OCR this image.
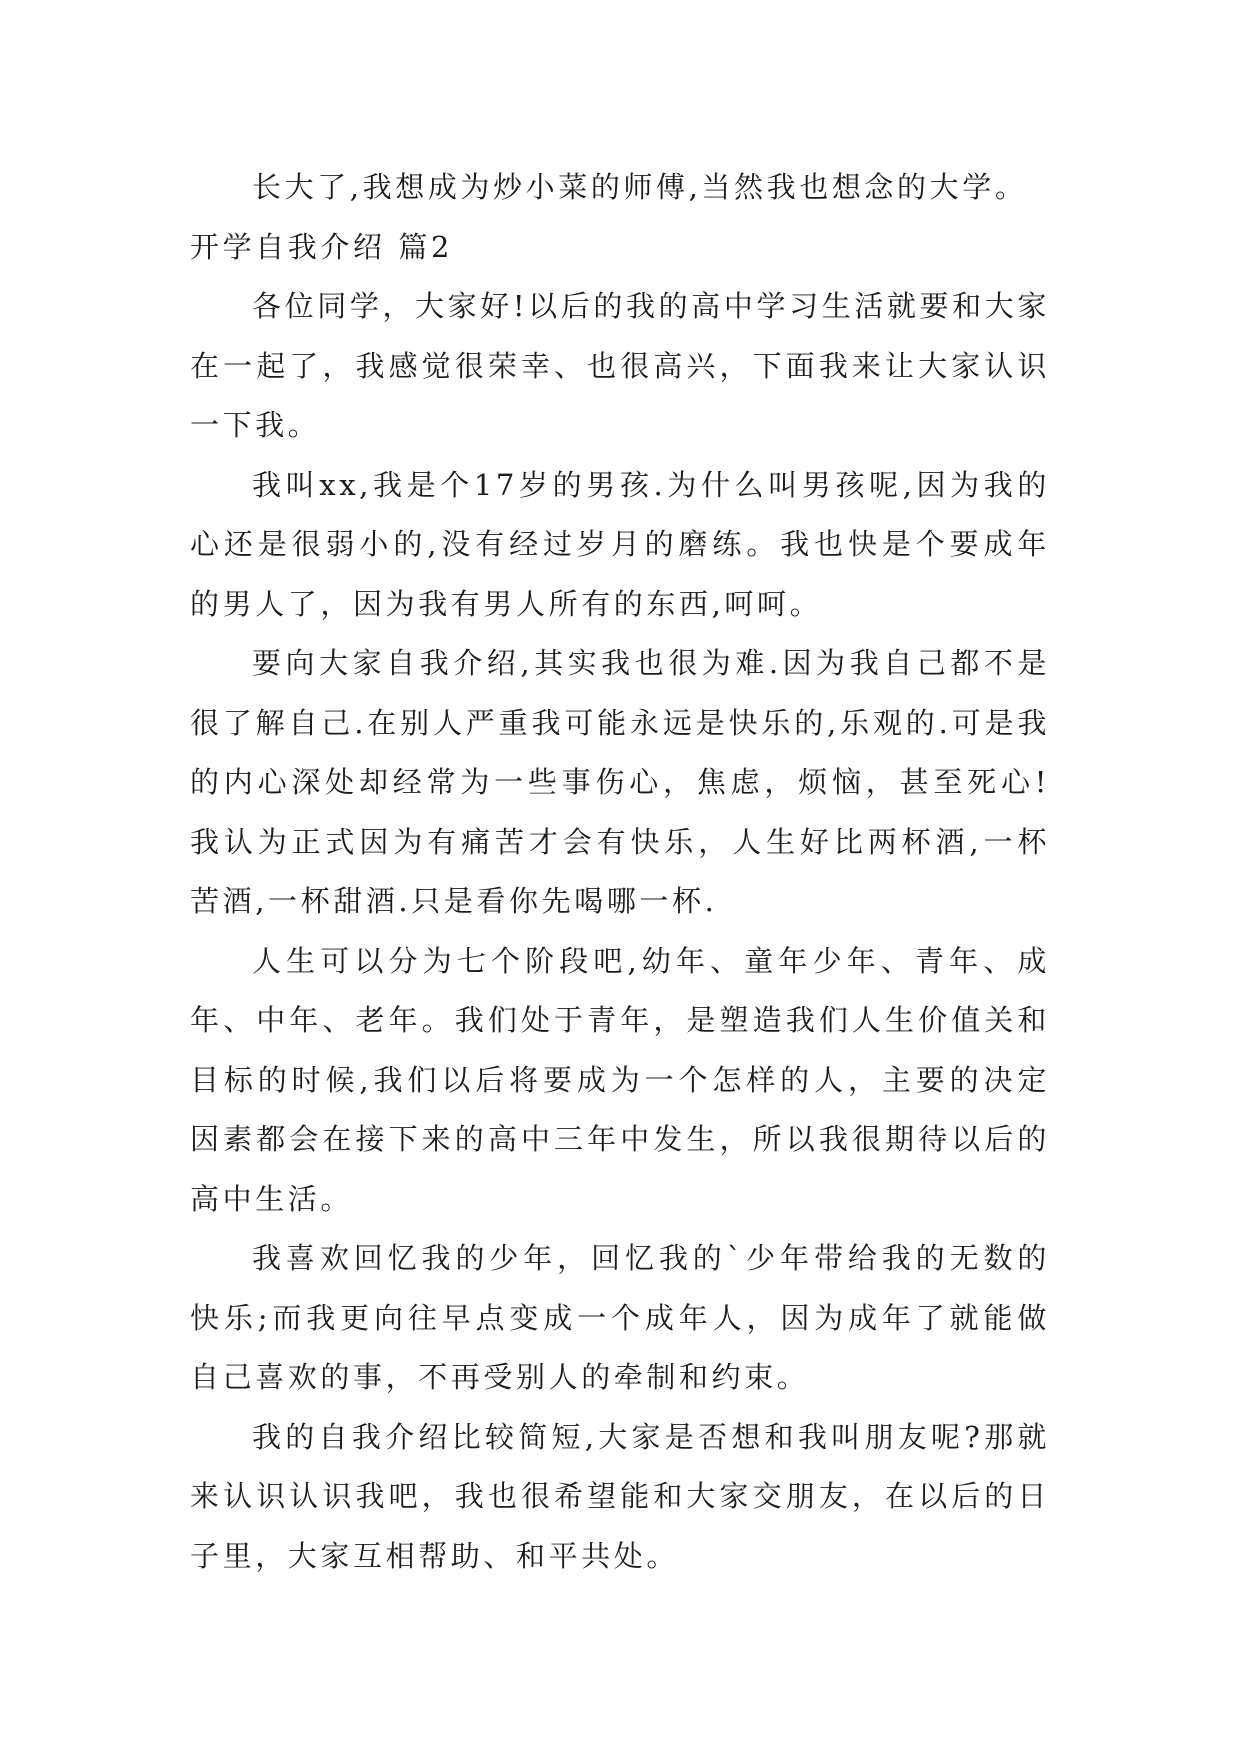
长大了,我想成为炒小菜的师傅,当然我也想念的大学。

开学自我介绍 篇2

各位同学，大家好!以后的我的高中学习生活就要和大家在一起了，我感觉很荣幸、也很高兴，下面我来让大家认识一下我。

我叫xx,我是个17岁的男孩.为什么叫男孩呢,因为我的心还是很弱小的,没有经过岁月的磨练。我也快是个要成年的男人了，因为我有男人所有的东西,呵呵。

要向大家自我介绍,其实我也很为难.因为我自己都不是很了解自己.在别人严重我可能永远是快乐的,乐观的.可是我的内心深处却经常为一些事伤心，焦虑，烦恼，甚至死心!我认为正式因为有痛苦才会有快乐，人生好比两杯酒,一杯苦酒,一杯甜酒.只是看你先喝哪一杯.

人生可以分为七个阶段吧,幼年、童年少年、青年、成年、中年、老年。我们处于青年，是塑造我们人生价值关和目标的时候,我们以后将要成为一个怎样的人，主要的决定因素都会在接下来的高中三年中发生，所以我很期待以后的高中生活。

我喜欢回忆我的少年，回忆我的`少年带给我的无数的快乐;而我更向往早点变成一个成年人，因为成年了就能做自己喜欢的事，不再受别人的牵制和约束。

我的自我介绍比较简短,大家是否想和我叫朋友呢?那就来认识认识我吧，我也很希望能和大家交朋友，在以后的日子里，大家互相帮助、和平共处。
